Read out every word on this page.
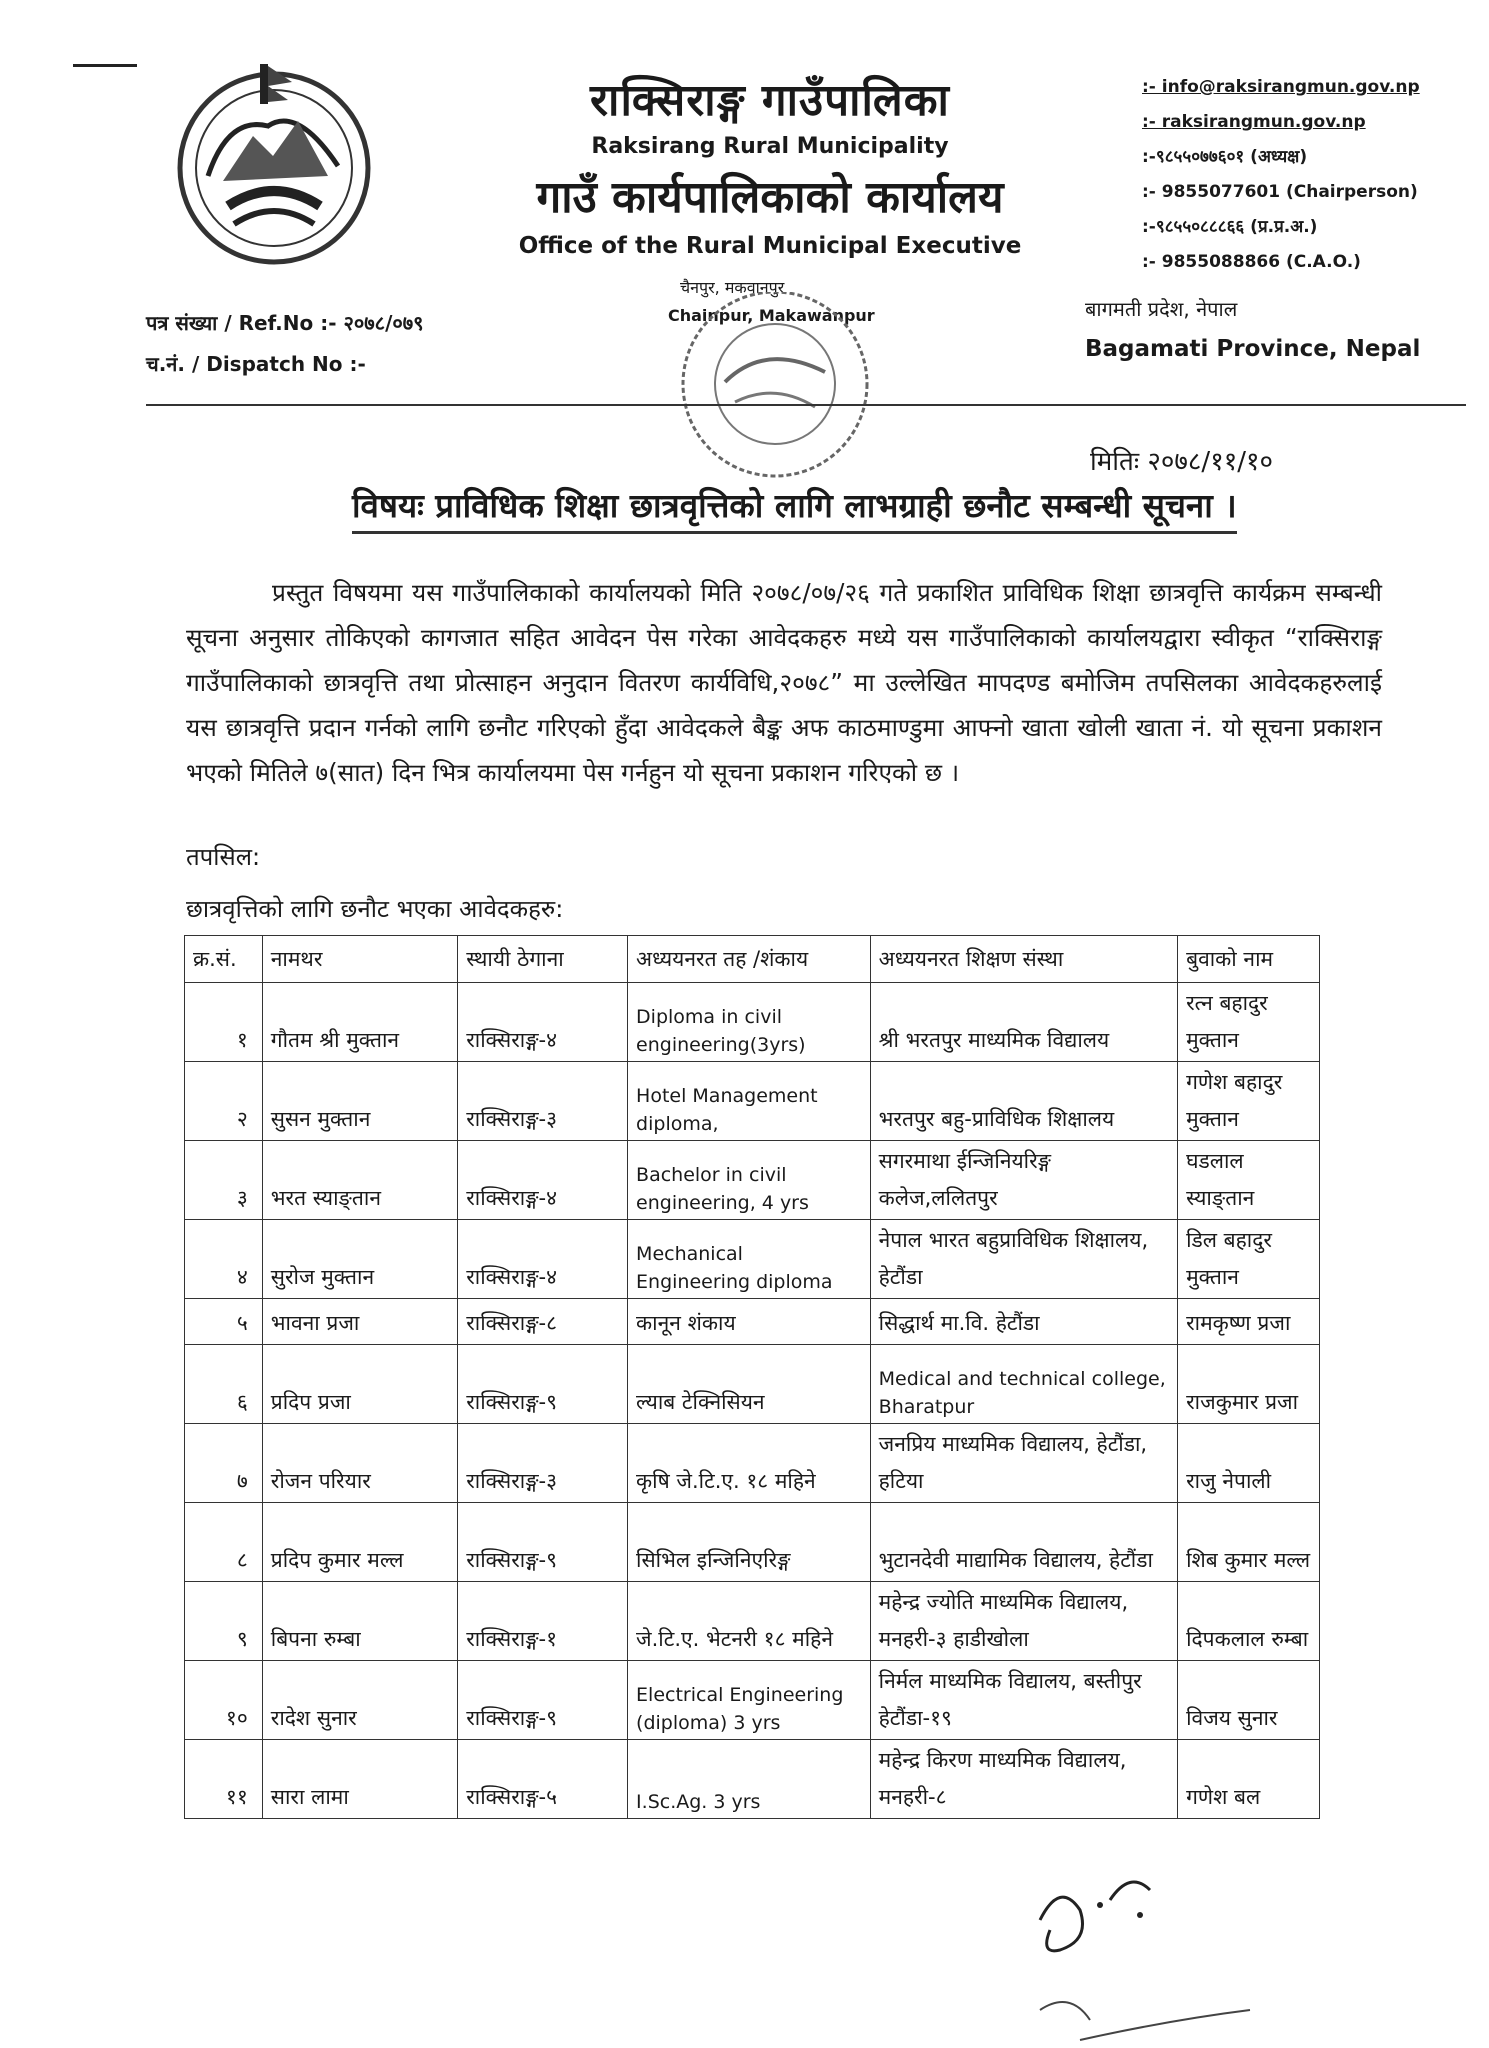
राक्सिराङ्ग गाउँपालिका
Raksirang Rural Municipality
गाउँ कार्यपालिकाको कार्यालय
Office of the Rural Municipal Executive
:- info@raksirangmun.gov.np
:- raksirangmun.gov.np
:-९८५५०७७६०१ (अध्यक्ष)
:- 9855077601 (Chairperson)
:-९८५५०८८८६६ (प्र.प्र.अ.)
:- 9855088866 (C.A.O.)
चैनपुर, मकवानपुर
Chainpur, Makawanpur	बागमती प्रदेश, नेपाल
Bagamati Province, Nepal
पत्र संख्या / Ref.No :- २०७८/०७९
च.नं. / Dispatch No :-
मितिः २०७८/११/१०
विषयः प्राविधिक शिक्षा छात्रवृत्तिको लागि लाभग्राही छनौट सम्बन्धी सूचना ।

प्रस्तुत विषयमा यस गाउँपालिकाको कार्यालयको मिति २०७८/०७/२६ गते प्रकाशित प्राविधिक शिक्षा छात्रवृत्ति कार्यक्रम सम्बन्धी सूचना अनुसार तोकिएको कागजात सहित आवेदन पेस गरेका आवेदकहरु मध्ये यस गाउँपालिकाको कार्यालयद्वारा स्वीकृत “राक्सिराङ्ग गाउँपालिकाको छात्रवृत्ति तथा प्रोत्साहन अनुदान वितरण कार्यविधि,२०७८” मा उल्लेखित मापदण्ड बमोजिम तपसिलका आवेदकहरुलाई यस छात्रवृत्ति प्रदान गर्नको लागि छनौट गरिएको हुँदा आवेदकले बैङ्क अफ काठमाण्डुमा आफ्नो खाता खोली खाता नं. यो सूचना प्रकाशन भएको मितिले ७(सात) दिन भित्र कार्यालयमा पेस गर्नहुन यो सूचना प्रकाशन गरिएको छ ।

तपसिल:
छात्रवृत्तिको लागि छनौट भएका आवेदकहरु:
क्र.सं.	नामथर	स्थायी ठेगाना	अध्ययनरत तह /शंकाय	अध्ययनरत शिक्षण संस्था	बुवाको नाम
१	गौतम श्री मुक्तान	राक्सिराङ्ग-४	Diploma in civil engineering(3yrs)	श्री भरतपुर माध्यमिक विद्यालय	रत्न बहादुर मुक्तान
२	सुसन मुक्तान	राक्सिराङ्ग-३	Hotel Management diploma,	भरतपुर बहु-प्राविधिक शिक्षालय	गणेश बहादुर मुक्तान
३	भरत स्याङ्तान	राक्सिराङ्ग-४	Bachelor in civil engineering, 4 yrs	सगरमाथा ईन्जिनियरिङ्ग कलेज,ललितपुर	घडलाल स्याङ्तान
४	सुरोज मुक्तान	राक्सिराङ्ग-४	Mechanical Engineering diploma	नेपाल भारत बहुप्राविधिक शिक्षालय, हेटौंडा	डिल बहादुर मुक्तान
५	भावना प्रजा	राक्सिराङ्ग-८	कानून शंकाय	सिद्धार्थ मा.वि. हेटौंडा	रामकृष्ण प्रजा
६	प्रदिप प्रजा	राक्सिराङ्ग-९	ल्याब टेक्निसियन	Medical and technical college, Bharatpur	राजकुमार प्रजा
७	रोजन परियार	राक्सिराङ्ग-३	कृषि जे.टि.ए. १८ महिने	जनप्रिय माध्यमिक विद्यालय, हेटौंडा, हटिया	राजु नेपाली
८	प्रदिप कुमार मल्ल	राक्सिराङ्ग-९	सिभिल इन्जिनिएरिङ्ग	भुटानदेवी माद्यामिक विद्यालय, हेटौंडा	शिब कुमार मल्ल
९	बिपना रुम्बा	राक्सिराङ्ग-१	जे.टि.ए. भेटनरी १८ महिने	महेन्द्र ज्योति माध्यमिक विद्यालय, मनहरी-३ हाडीखोला	दिपकलाल रुम्बा
१०	रादेश सुनार	राक्सिराङ्ग-९	Electrical Engineering (diploma) 3 yrs	निर्मल माध्यमिक विद्यालय, बस्तीपुर हेटौंडा-१९	विजय सुनार
११	सारा लामा	राक्सिराङ्ग-५	I.Sc.Ag. 3 yrs	महेन्द्र किरण माध्यमिक विद्यालय, मनहरी-८	गणेश बल
